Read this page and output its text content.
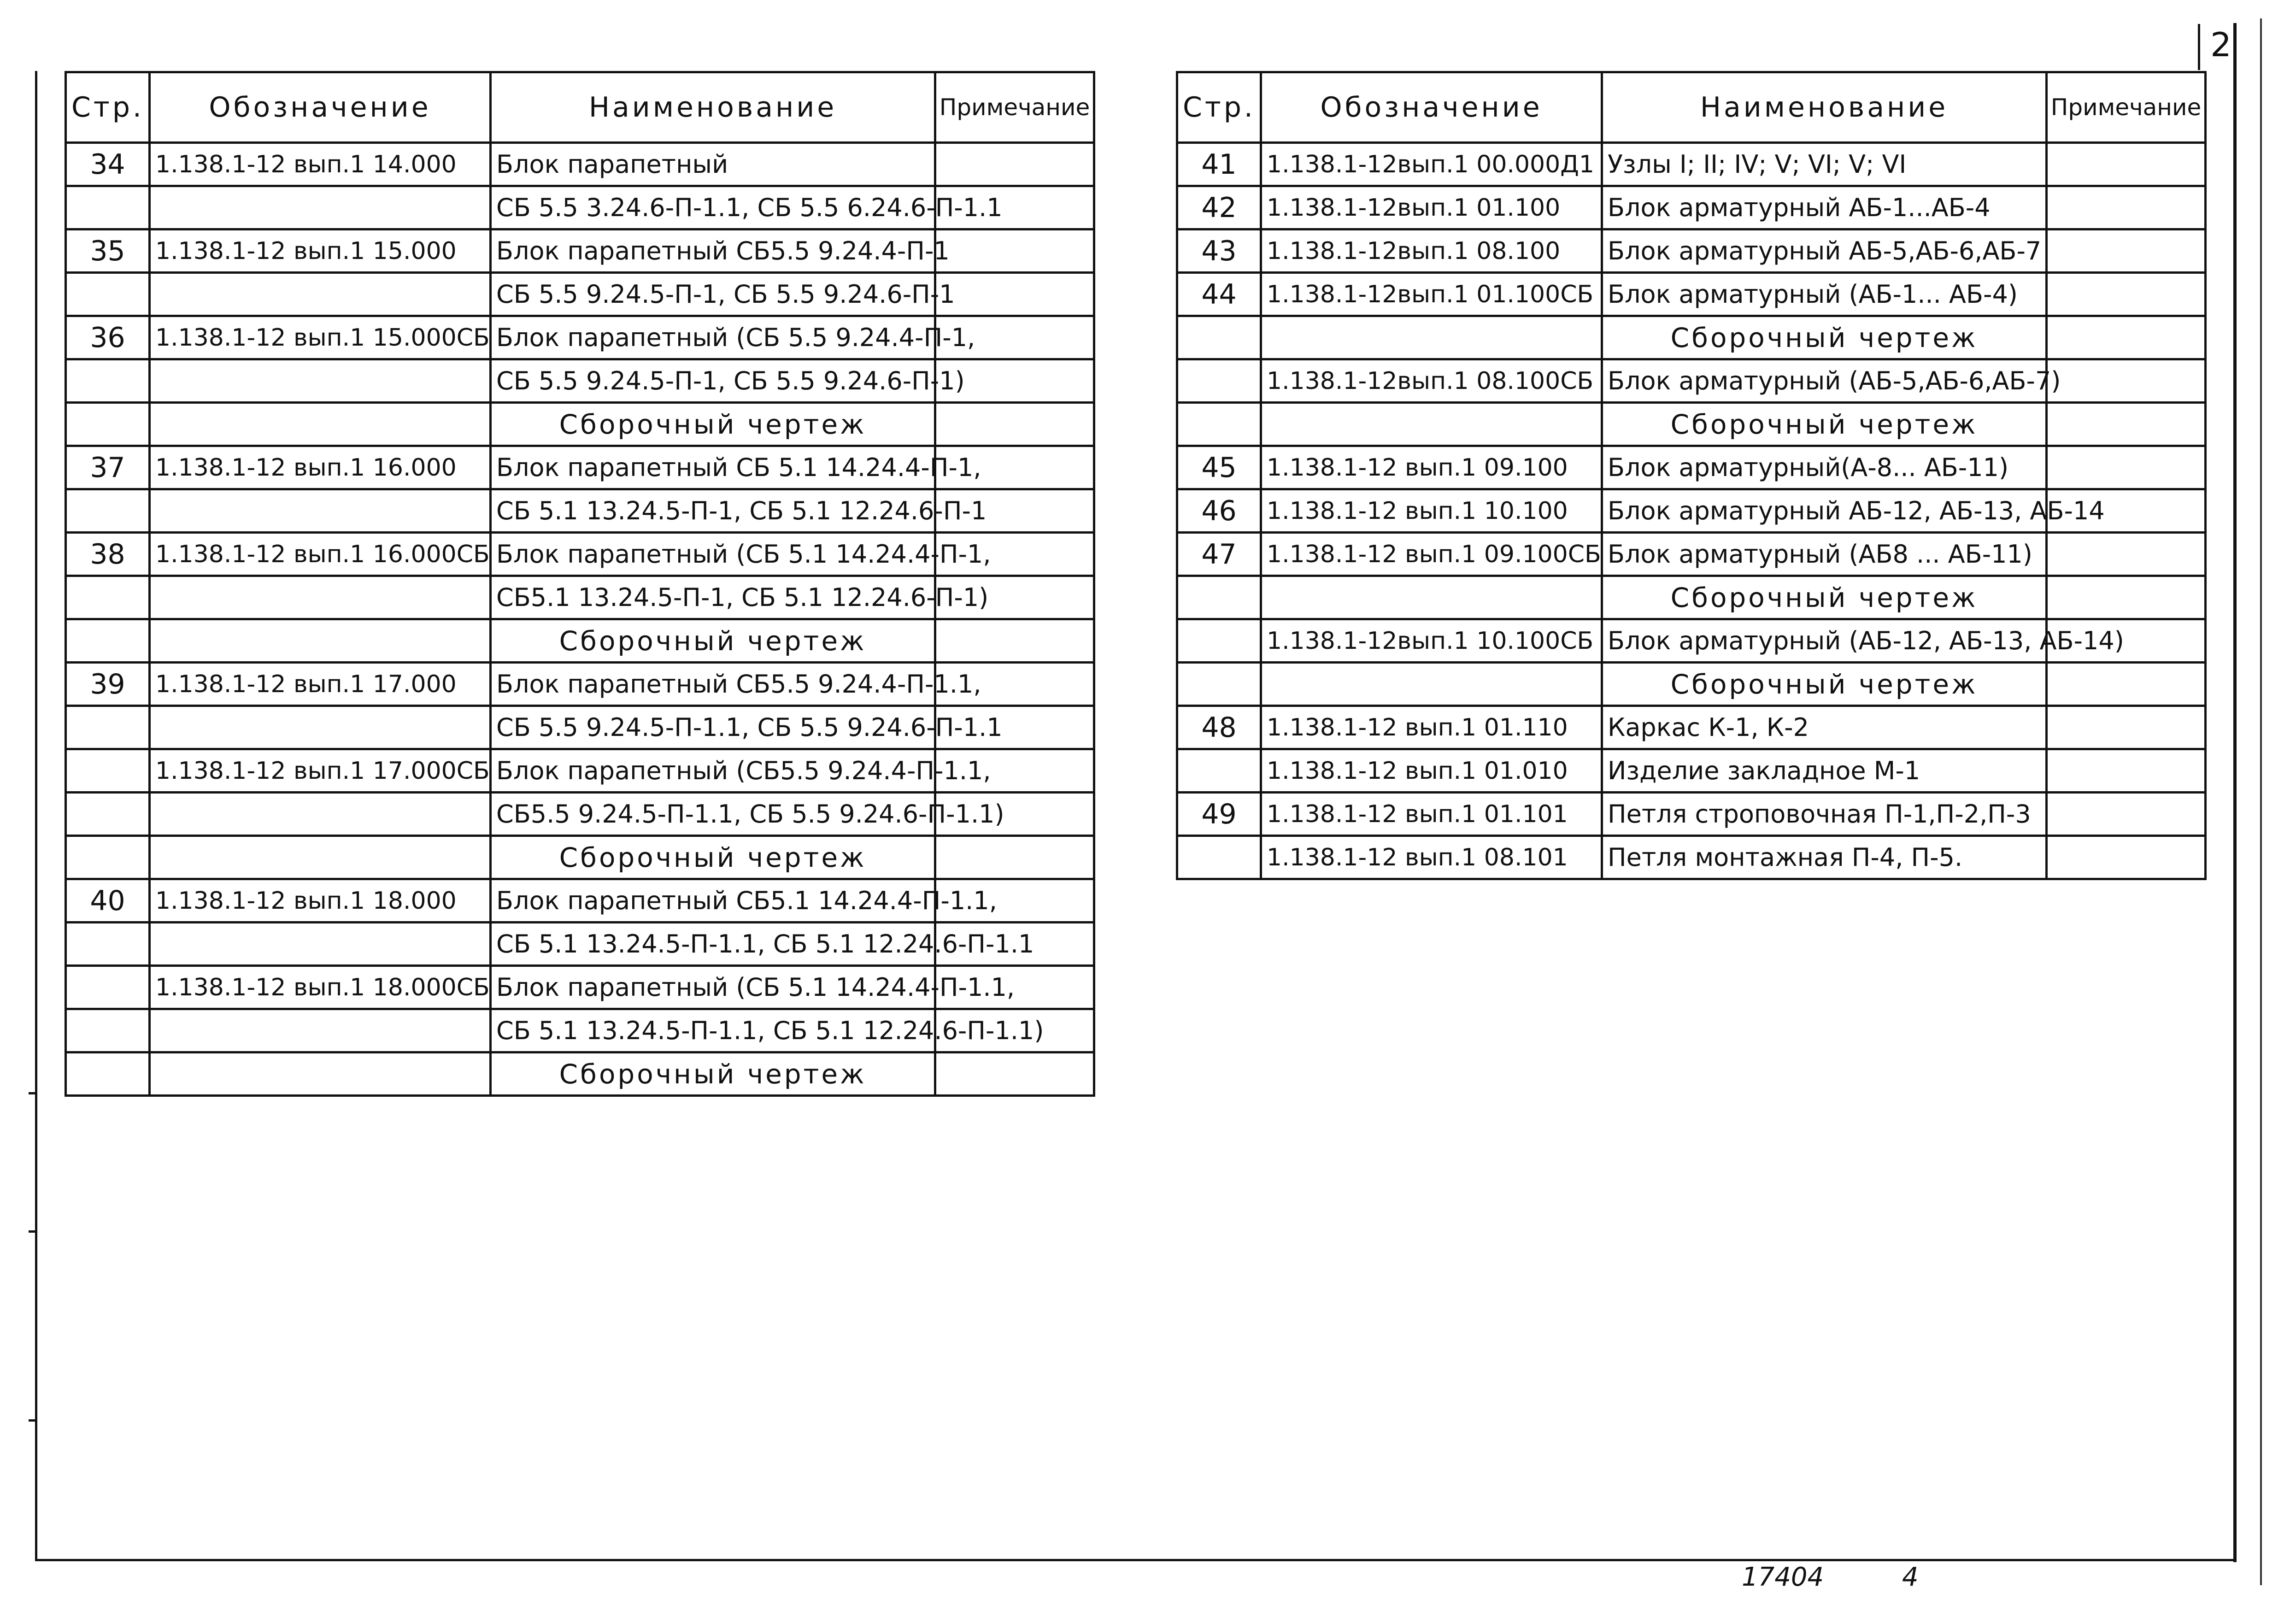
2
Стр.	Обозначение	Наименование	Примечание
34	1.138.1-12 вып.1 14.000	Блок парапетный	
		СБ 5.5 3.24.6-П-1.1, СБ 5.5 6.24.6-П-1.1	
35	1.138.1-12 вып.1 15.000	Блок парапетный СБ5.5 9.24.4-П-1	
		СБ 5.5 9.24.5-П-1, СБ 5.5 9.24.6-П-1	
36	1.138.1-12 вып.1 15.000СБ	Блок парапетный (СБ 5.5 9.24.4-П-1,	
		СБ 5.5 9.24.5-П-1, СБ 5.5 9.24.6-П-1)	
		Сборочный чертеж	
37	1.138.1-12 вып.1 16.000	Блок парапетный СБ 5.1 14.24.4-П-1,	
		СБ 5.1 13.24.5-П-1, СБ 5.1 12.24.6-П-1	
38	1.138.1-12 вып.1 16.000СБ	Блок парапетный (СБ 5.1 14.24.4-П-1,	
		СБ5.1 13.24.5-П-1, СБ 5.1 12.24.6-П-1)	
		Сборочный чертеж	
39	1.138.1-12 вып.1 17.000	Блок парапетный СБ5.5 9.24.4-П-1.1,	
		СБ 5.5 9.24.5-П-1.1, СБ 5.5 9.24.6-П-1.1	
	1.138.1-12 вып.1 17.000СБ	Блок парапетный (СБ5.5 9.24.4-П-1.1,	
		СБ5.5 9.24.5-П-1.1, СБ 5.5 9.24.6-П-1.1)	
		Сборочный чертеж	
40	1.138.1-12 вып.1 18.000	Блок парапетный СБ5.1 14.24.4-П-1.1,	
		СБ 5.1 13.24.5-П-1.1, СБ 5.1 12.24.6-П-1.1	
	1.138.1-12 вып.1 18.000СБ	Блок парапетный (СБ 5.1 14.24.4-П-1.1,	
		СБ 5.1 13.24.5-П-1.1, СБ 5.1 12.24.6-П-1.1)	
		Сборочный чертеж	
Стр.	Обозначение	Наименование	Примечание
41	1.138.1-12вып.1 00.000Д1	Узлы I; II; IV; V; VI; V; VI	
42	1.138.1-12вып.1 01.100	Блок арматурный АБ-1...АБ-4	
43	1.138.1-12вып.1 08.100	Блок арматурный АБ-5,АБ-6,АБ-7	
44	1.138.1-12вып.1 01.100СБ	Блок арматурный (АБ-1... АБ-4)	
		Сборочный чертеж	
	1.138.1-12вып.1 08.100СБ	Блок арматурный (АБ-5,АБ-6,АБ-7)	
		Сборочный чертеж	
45	1.138.1-12 вып.1 09.100	Блок арматурный(А-8... АБ-11)	
46	1.138.1-12 вып.1 10.100	Блок арматурный АБ-12, АБ-13, АБ-14	
47	1.138.1-12 вып.1 09.100СБ	Блок арматурный (АБ8 ... АБ-11)	
		Сборочный чертеж	
	1.138.1-12вып.1 10.100СБ	Блок арматурный (АБ-12, АБ-13, АБ-14)	
		Сборочный чертеж	
48	1.138.1-12 вып.1 01.110	Каркас К-1, К-2	
	1.138.1-12 вып.1 01.010	Изделие закладное М-1	
49	1.138.1-12 вып.1 01.101	Петля строповочная П-1,П-2,П-3	
	1.138.1-12 вып.1 08.101	Петля монтажная П-4, П-5.	
17404	4
